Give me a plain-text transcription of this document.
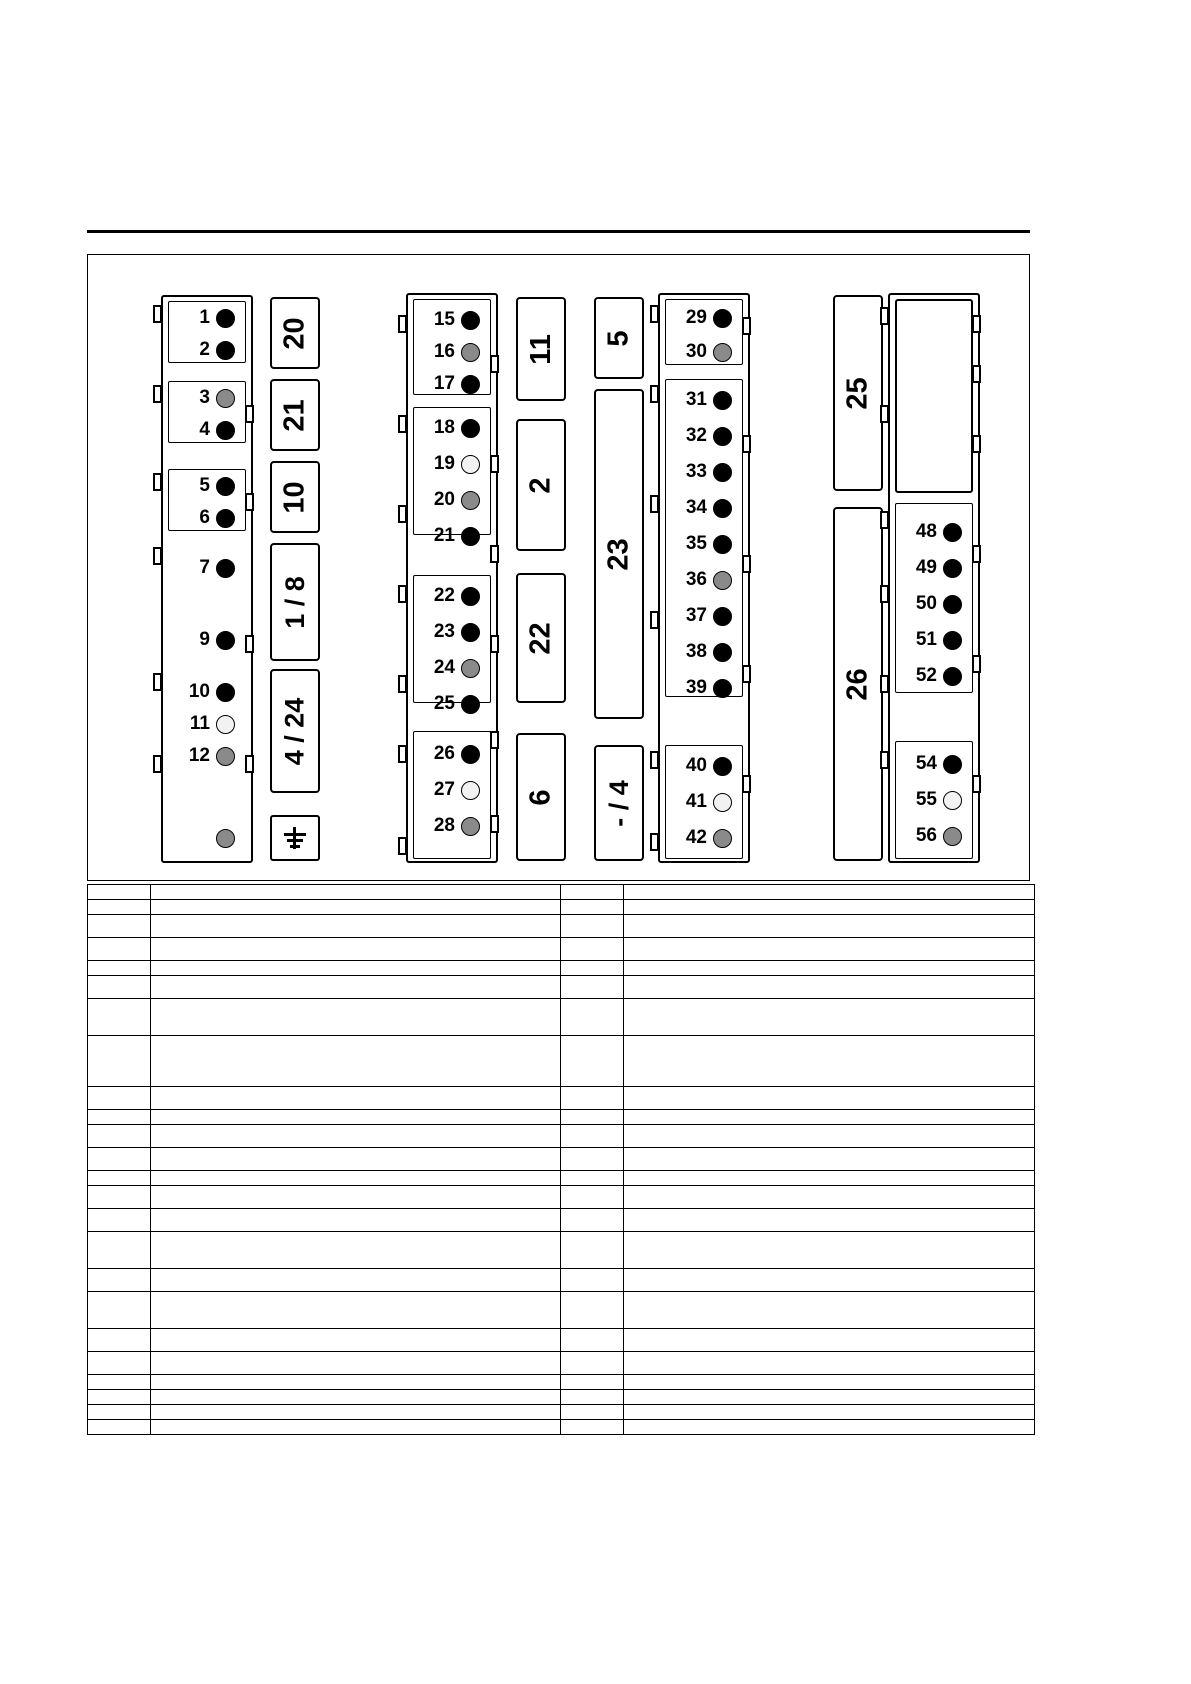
1
2
3
4
5
6
7
9
10
11
12
20
21
10
1 / 8
4 / 24
15
16
17
18
19
20
21
22
23
24
25
26
27
28
11
2
22
6
5
23
- / 4
29
30
31
32
33
34
35
36
37
38
39
40
41
42
25
26
48
49
50
51
52
54
55
56
